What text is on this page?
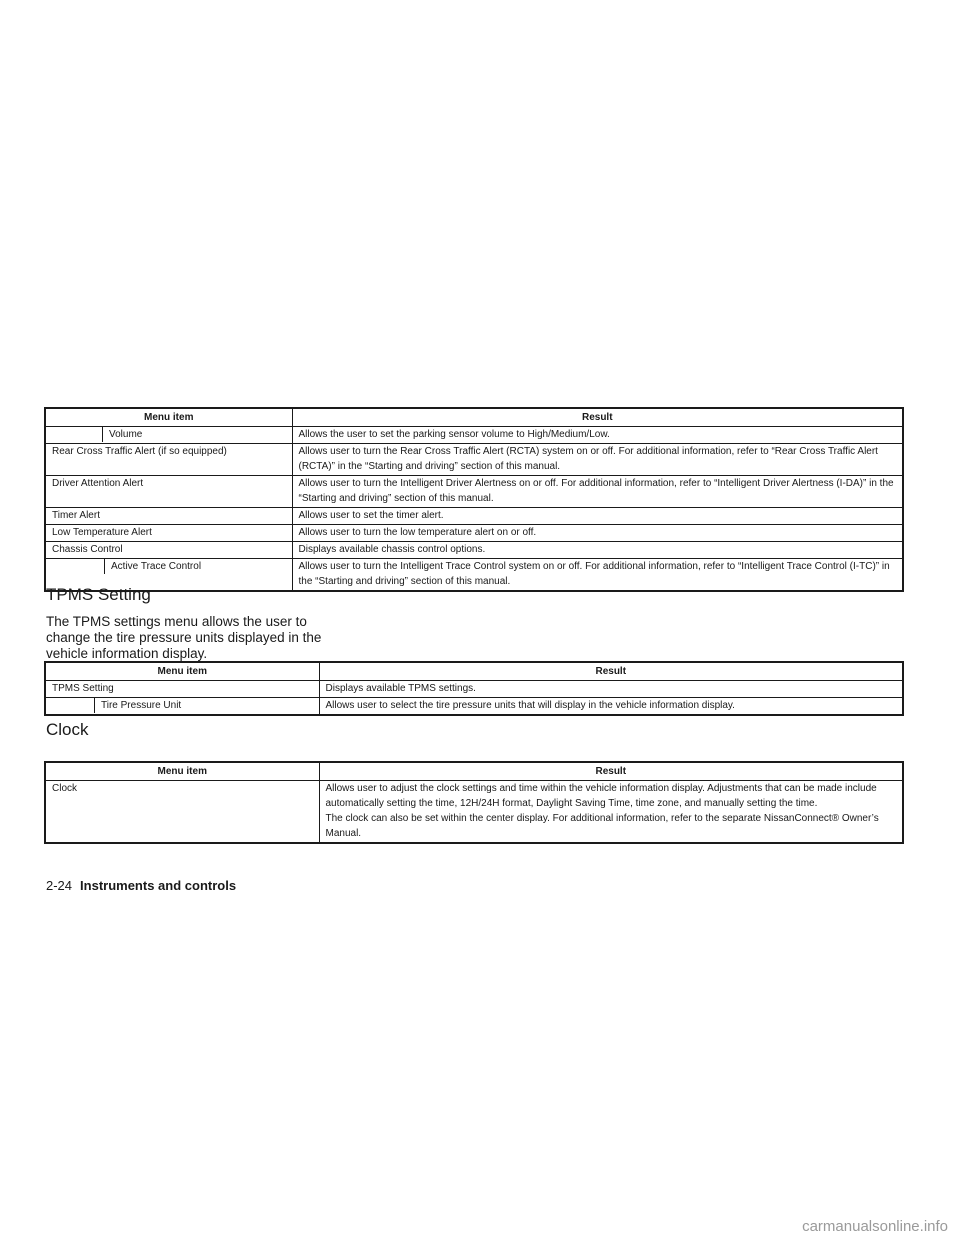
Menu item	Result

Volume	Allows the user to set the parking sensor volume to High/Medium/Low.
Rear Cross Traffic Alert (if so equipped)	Allows user to turn the Rear Cross Traffic Alert (RCTA) system on or off. For additional information, refer to “Rear Cross Traffic Alert (RCTA)” in the “Starting and driving” section of this manual.
Driver Attention Alert	Allows user to turn the Intelligent Driver Alertness on or off. For additional information, refer to “Intelligent Driver Alertness (I-DA)” in the “Starting and driving” section of this manual.
Timer Alert	Allows user to set the timer alert.
Low Temperature Alert	Allows user to turn the low temperature alert on or off.
Chassis Control	Displays available chassis control options.

Active Trace Control	Allows user to turn the Intelligent Trace Control system on or off. For additional information, refer to “Intelligent Trace Control (I-TC)” in the “Starting and driving” section of this manual.
TPMS Setting

The TPMS settings menu allows the user to change the tire pressure units displayed in the vehicle information display.

Menu item	Result
TPMS Setting	Displays available TPMS settings.

Tire Pressure Unit	Allows user to select the tire pressure units that will display in the vehicle information display.
Clock
Menu item	Result
Clock	Allows user to adjust the clock settings and time within the vehicle information display. Adjustments that can be made include automatically setting the time, 12H/24H format, Daylight Saving Time, time zone, and manually setting the time.
The clock can also be set within the center display. For additional information, refer to the separate NissanConnect® Owner’s Manual.
2-24 Instruments and controls
carmanualsonline.info
